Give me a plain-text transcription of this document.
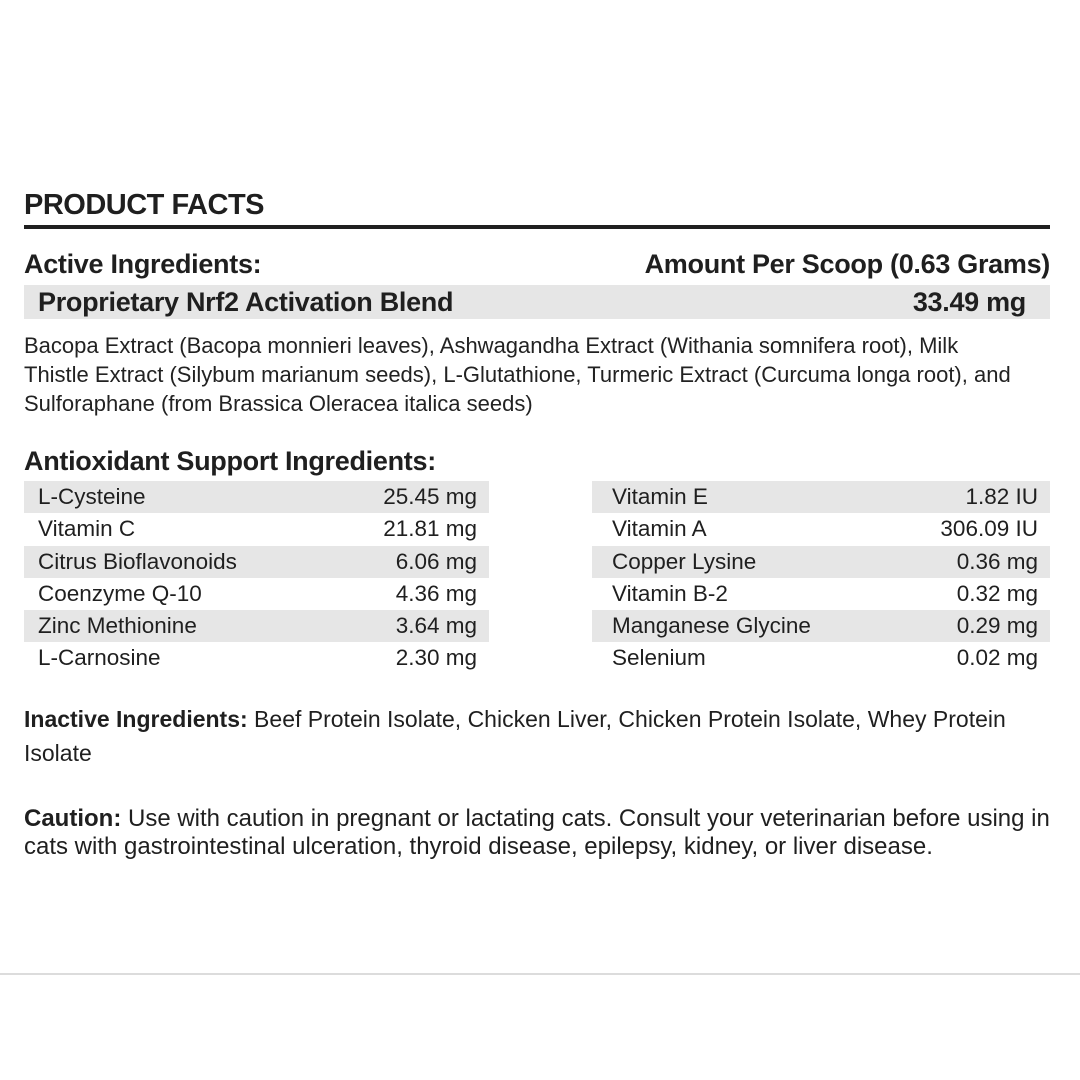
PRODUCT FACTS
Active Ingredients:	Amount Per Scoop (0.63 Grams)
Proprietary Nrf2 Activation Blend	33.49 mg
Bacopa Extract (Bacopa monnieri leaves), Ashwagandha Extract (Withania somnifera root), Milk Thistle Extract (Silybum marianum seeds), L-Glutathione, Turmeric Extract (Curcuma longa root), and Sulforaphane (from Brassica Oleracea italica seeds)
Antioxidant Support Ingredients:
L-Cysteine	25.45 mg
Vitamin C	21.81 mg
Citrus Bioflavonoids	6.06 mg
Coenzyme Q-10	4.36 mg
Zinc Methionine	3.64 mg
L-Carnosine	2.30 mg
Vitamin E	1.82 IU
Vitamin A	306.09 IU
Copper Lysine	0.36 mg
Vitamin B-2	0.32 mg
Manganese Glycine	0.29 mg
Selenium	0.02 mg
Inactive Ingredients: Beef Protein Isolate, Chicken Liver, Chicken Protein Isolate, Whey Protein Isolate
Caution: Use with caution in pregnant or lactating cats. Consult your veterinarian before using in cats with gastrointestinal ulceration, thyroid disease, epilepsy, kidney, or liver disease.
